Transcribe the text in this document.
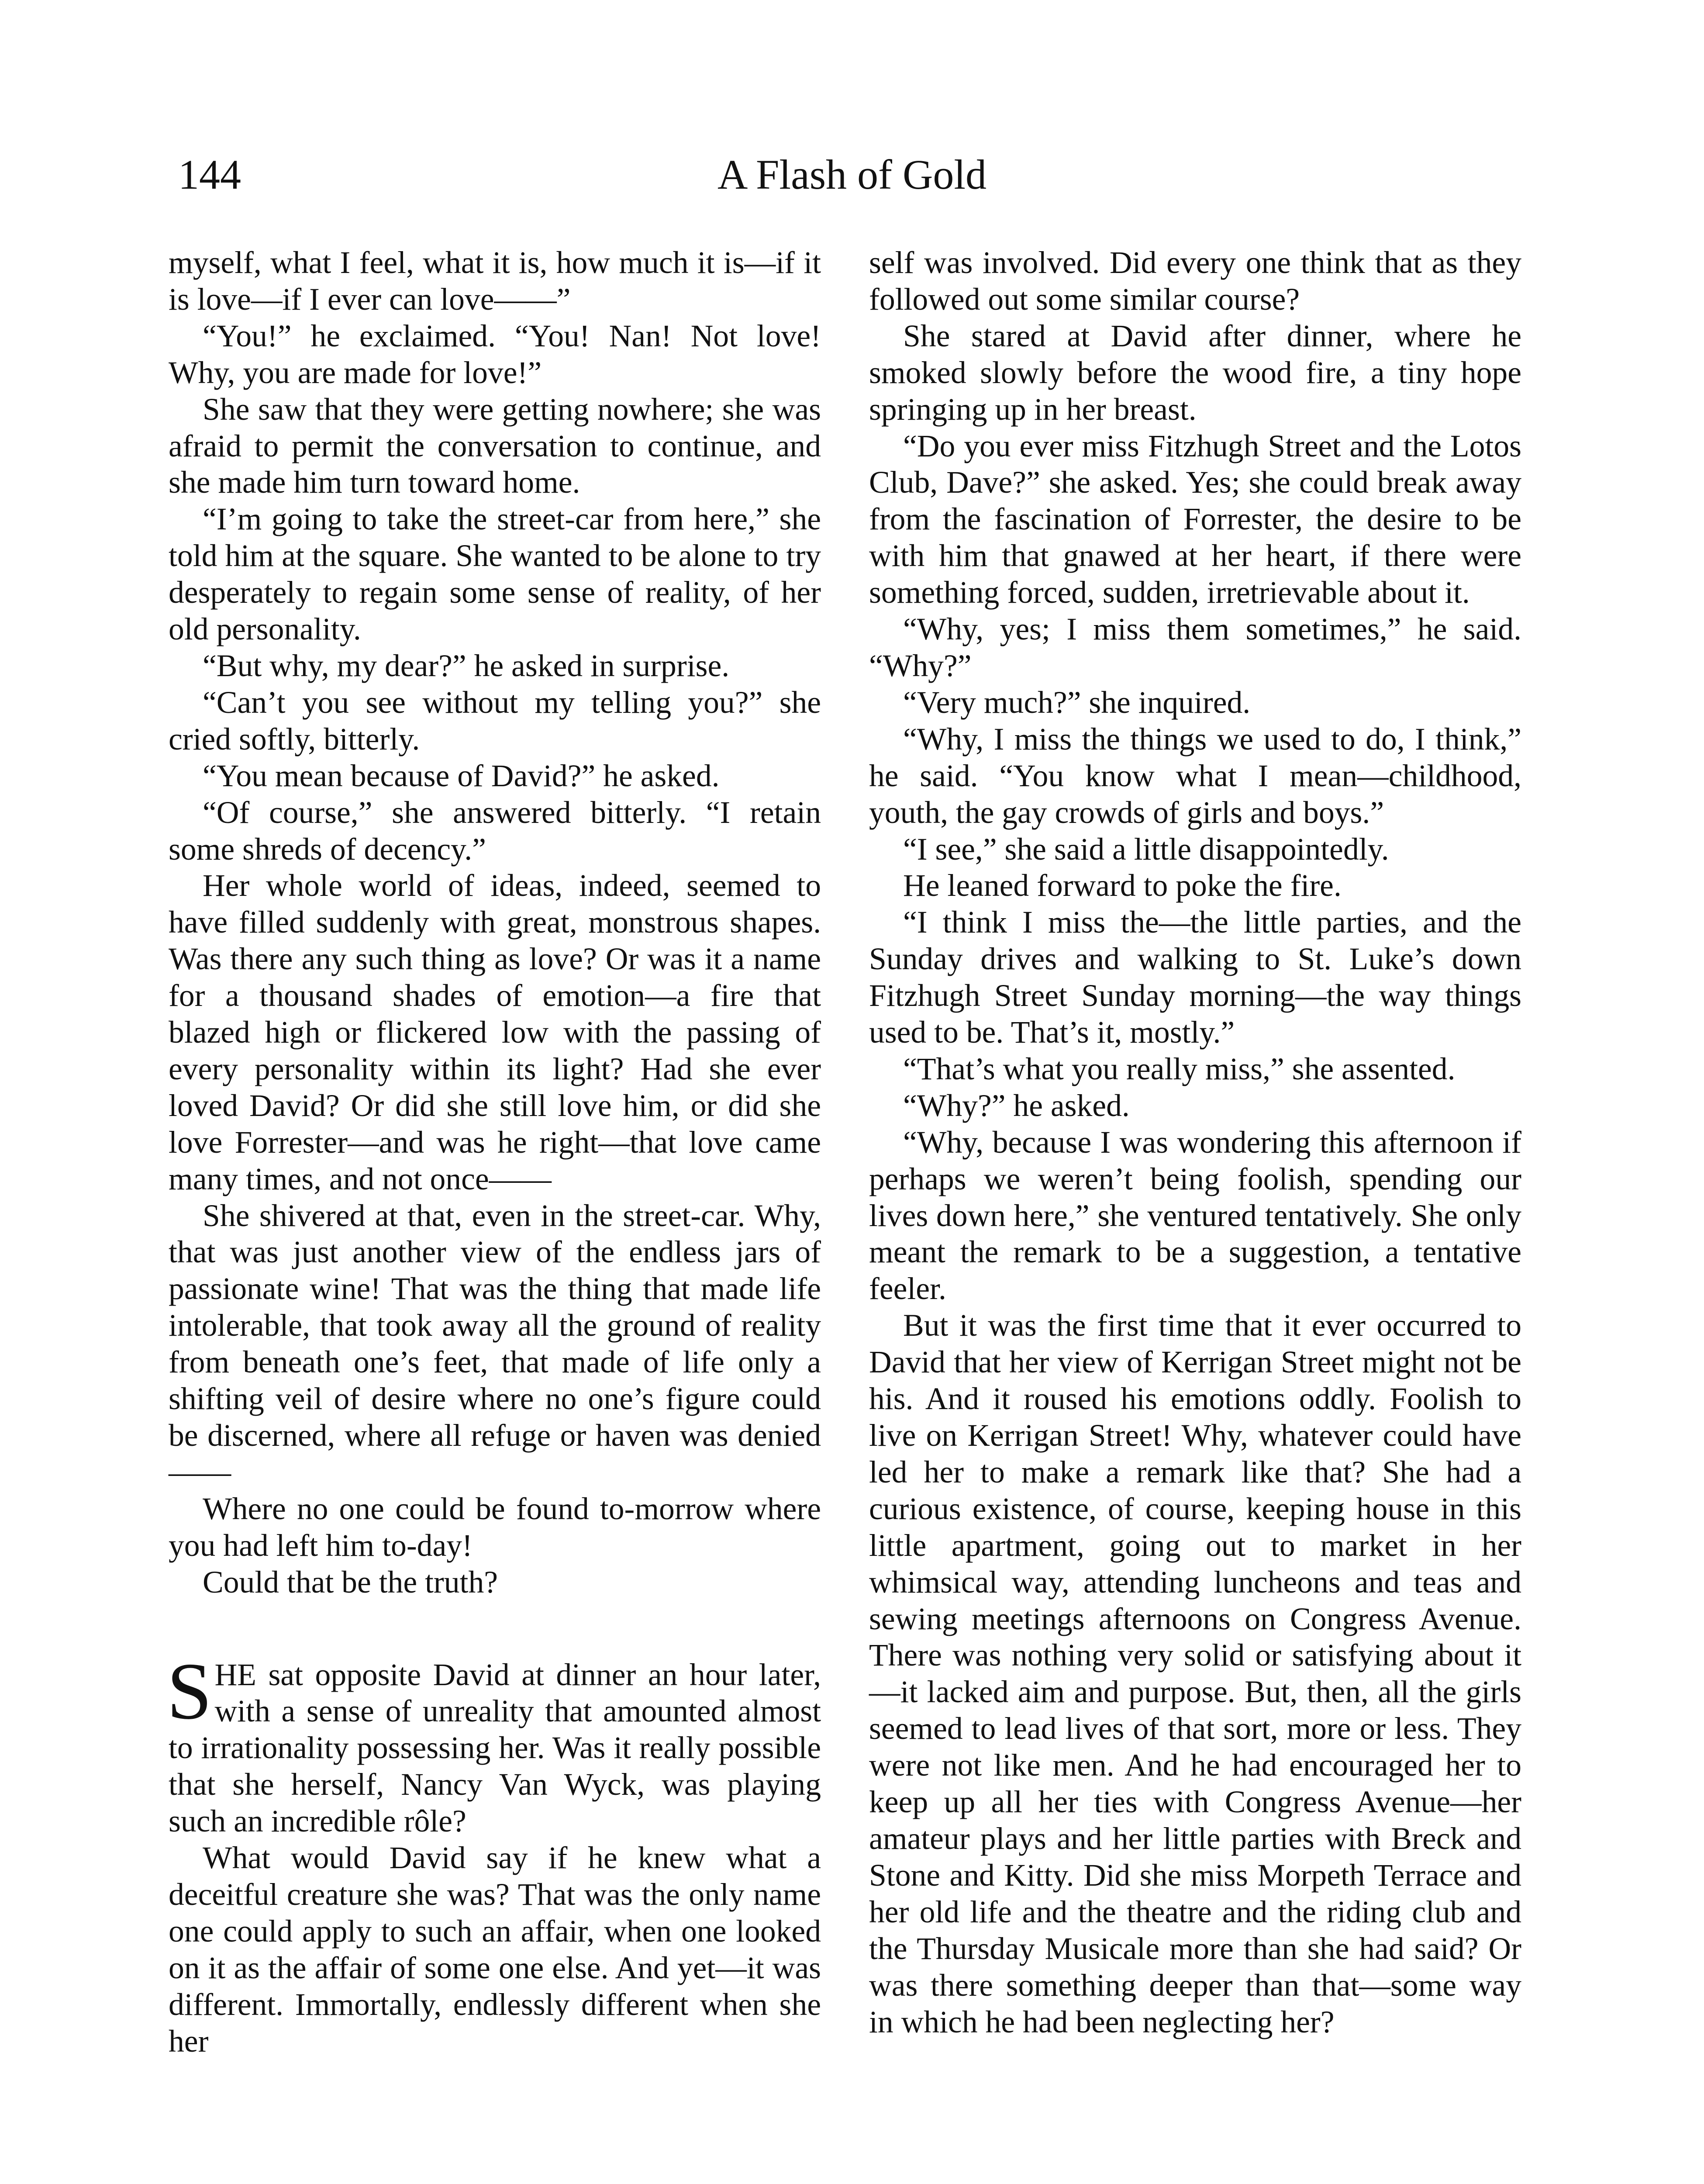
144	A Flash of Gold

myself, what I feel, what it is, how much it is—if it is love—if I ever can love——”

“You!” he exclaimed. “You! Nan! Not love! Why, you are made for love!”

She saw that they were getting nowhere; she was afraid to permit the conversation to continue, and she made him turn toward home.

“I’m going to take the street-car from here,” she told him at the square. She wanted to be alone to try desperately to regain some sense of reality, of her old personality.

“But why, my dear?” he asked in surprise.

“Can’t you see without my telling you?” she cried softly, bitterly.

“You mean because of David?” he asked.

“Of course,” she answered bitterly. “I retain some shreds of decency.”

Her whole world of ideas, indeed, seemed to have filled suddenly with great, monstrous shapes. Was there any such thing as love? Or was it a name for a thousand shades of emotion—a fire that blazed high or flickered low with the passing of every personality within its light? Had she ever loved David? Or did she still love him, or did she love Forrester—and was he right—that love came many times, and not once——

She shivered at that, even in the street-car. Why, that was just another view of the endless jars of passionate wine! That was the thing that made life intolerable, that took away all the ground of reality from beneath one’s feet, that made of life only a shifting veil of desire where no one’s figure could be discerned, where all refuge or haven was denied——

Where no one could be found to-morrow where you had left him to-day!

Could that be the truth?

SHE sat opposite David at dinner an hour later, with a sense of unreality that amounted almost to irrationality possessing her. Was it really possible that she herself, Nancy Van Wyck, was playing such an incredible rôle?

What would David say if he knew what a deceitful creature she was? That was the only name one could apply to such an affair, when one looked on it as the affair of some one else. And yet—it was different. Immortally, endlessly different when she her

self was involved. Did every one think that as they followed out some similar course?

She stared at David after dinner, where he smoked slowly before the wood fire, a tiny hope springing up in her breast.

“Do you ever miss Fitzhugh Street and the Lotos Club, Dave?” she asked. Yes; she could break away from the fascination of Forrester, the desire to be with him that gnawed at her heart, if there were something forced, sudden, irretrievable about it.

“Why, yes; I miss them sometimes,” he said. “Why?”

“Very much?” she inquired.

“Why, I miss the things we used to do, I think,” he said. “You know what I mean—childhood, youth, the gay crowds of girls and boys.”

“I see,” she said a little disappointedly.

He leaned forward to poke the fire.

“I think I miss the—the little parties, and the Sunday drives and walking to St. Luke’s down Fitzhugh Street Sunday morning—the way things used to be. That’s it, mostly.”

“That’s what you really miss,” she assented.

“Why?” he asked.

“Why, because I was wondering this afternoon if perhaps we weren’t being foolish, spending our lives down here,” she ventured tentatively. She only meant the remark to be a suggestion, a tentative feeler.

But it was the first time that it ever occurred to David that her view of Kerrigan Street might not be his. And it roused his emotions oddly. Foolish to live on Kerrigan Street! Why, whatever could have led her to make a remark like that? She had a curious existence, of course, keeping house in this little apartment, going out to market in her whimsical way, attending luncheons and teas and sewing meetings afternoons on Congress Avenue. There was nothing very solid or satisfying about it—it lacked aim and purpose. But, then, all the girls seemed to lead lives of that sort, more or less. They were not like men. And he had encouraged her to keep up all her ties with Congress Avenue—her amateur plays and her little parties with Breck and Stone and Kitty. Did she miss Morpeth Terrace and her old life and the theatre and the riding club and the Thursday Musicale more than she had said? Or was there something deeper than that—some way in which he had been neglecting her?
